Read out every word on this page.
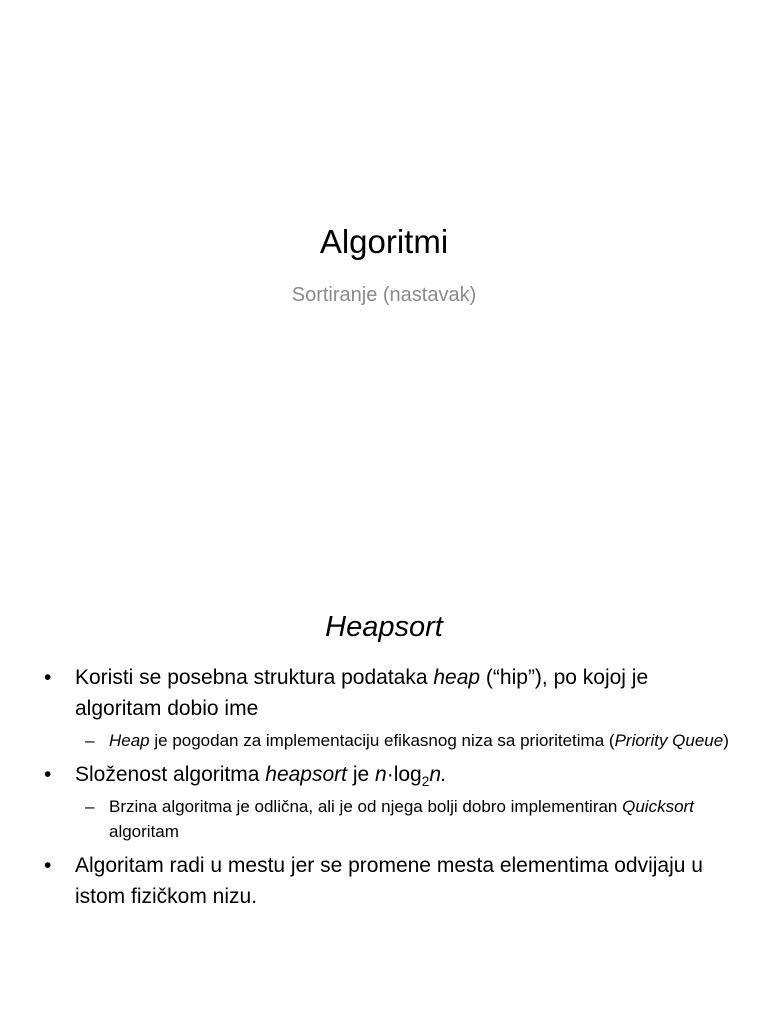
Algoritmi
Sortiranje (nastavak)
Heapsort
• Koristi se posebna struktura podataka heap (“hip”), po kojoj je algoritam dobio ime
– Heap je pogodan za implementaciju efikasnog niza sa prioritetima (Priority Queue)
• Složenost algoritma heapsort je $n\cdot\log_2n$.
– Brzina algoritma je odlična, ali je od njega bolji dobro implementiran Quicksort algoritam
• Algoritam radi u mestu jer se promene mesta elementima odvijaju u istom fizičkom nizu.
